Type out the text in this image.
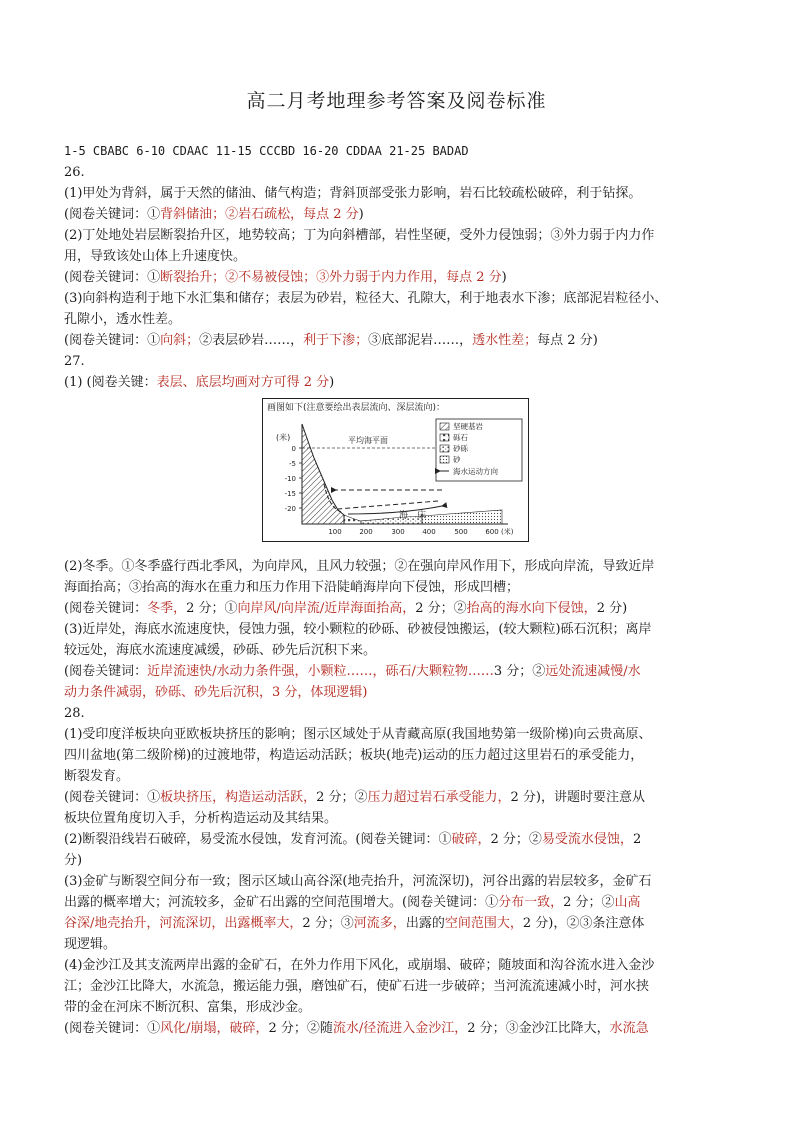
高二月考地理参考答案及阅卷标准
1-5 CBABC 6-10 CDAAC 11-15 CCCBD 16-20 CDDAA 21-25 BADAD
26.
(1)甲处为背斜，属于天然的储油、储气构造；背斜顶部受张力影响，岩石比较疏松破碎，利于钻探。
(阅卷关键词：①背斜储油；②岩石疏松，每点 2 分)
(2)丁处地处岩层断裂抬升区，地势较高；丁为向斜槽部，岩性坚硬，受外力侵蚀弱；③外力弱于内力作
用，导致该处山体上升速度快。
(阅卷关键词：①断裂抬升；②不易被侵蚀；③外力弱于内力作用，每点 2 分)
(3)向斜构造利于地下水汇集和储存；表层为砂岩，粒径大、孔隙大，利于地表水下渗；底部泥岩粒径小、
孔隙小，透水性差。
(阅卷关键词：①向斜；②表层砂岩……，利于下渗；③底部泥岩……，透水性差；每点 2 分)
27.
(1) (阅卷关键：表层、底层均画对方可得 2 分)
画图如下(注意要绘出表层流向、深层流向)：
(米)	平均海平面
海　床
0
-5
-10
-15
-20
100	200	300	400	500	600 (米)
坚硬基岩
砾石
砂砾
砂
海水运动方向
(2)冬季。①冬季盛行西北季风，为向岸风，且风力较强；②在强向岸风作用下，形成向岸流，导致近岸
海面抬高；③抬高的海水在重力和压力作用下沿陡峭海岸向下侵蚀，形成凹槽；
(阅卷关键词：冬季，2 分；①向岸风/向岸流/近岸海面抬高，2 分；②抬高的海水向下侵蚀，2 分)
(3)近岸处，海底水流速度快，侵蚀力强，较小颗粒的砂砾、砂被侵蚀搬运，(较大颗粒)砾石沉积；离岸
较远处，海底水流速度减缓，砂砾、砂先后沉积下来。
(阅卷关键词：近岸流速快/水动力条件强，小颗粒……，砾石/大颗粒物……3 分；②远处流速减慢/水
动力条件减弱，砂砾、砂先后沉积，3 分，体现逻辑)
28.
(1)受印度洋板块向亚欧板块挤压的影响；图示区域处于从青藏高原(我国地势第一级阶梯)向云贵高原、
四川盆地(第二级阶梯)的过渡地带，构造运动活跃；板块(地壳)运动的压力超过这里岩石的承受能力，
断裂发育。
(阅卷关键词：①板块挤压，构造运动活跃，2 分；②压力超过岩石承受能力，2 分)，讲题时要注意从
板块位置角度切入手，分析构造运动及其结果。
(2)断裂沿线岩石破碎，易受流水侵蚀，发育河流。(阅卷关键词：①破碎，2 分；②易受流水侵蚀，2
分)
(3)金矿与断裂空间分布一致；图示区域山高谷深(地壳抬升，河流深切)，河谷出露的岩层较多，金矿石
出露的概率增大；河流较多，金矿石出露的空间范围增大。(阅卷关键词：①分布一致，2 分；②山高
谷深/地壳抬升，河流深切，出露概率大，2 分；③河流多，出露的空间范围大，2 分)，②③条注意体
现逻辑。
(4)金沙江及其支流两岸出露的金矿石，在外力作用下风化，或崩塌、破碎；随坡面和沟谷流水进入金沙
江；金沙江比降大，水流急，搬运能力强，磨蚀矿石，使矿石进一步破碎；当河流流速减小时，河水挟
带的金在河床不断沉积、富集，形成沙金。
(阅卷关键词：①风化/崩塌，破碎，2 分；②随流水/径流进入金沙江，2 分；③金沙江比降大，水流急
